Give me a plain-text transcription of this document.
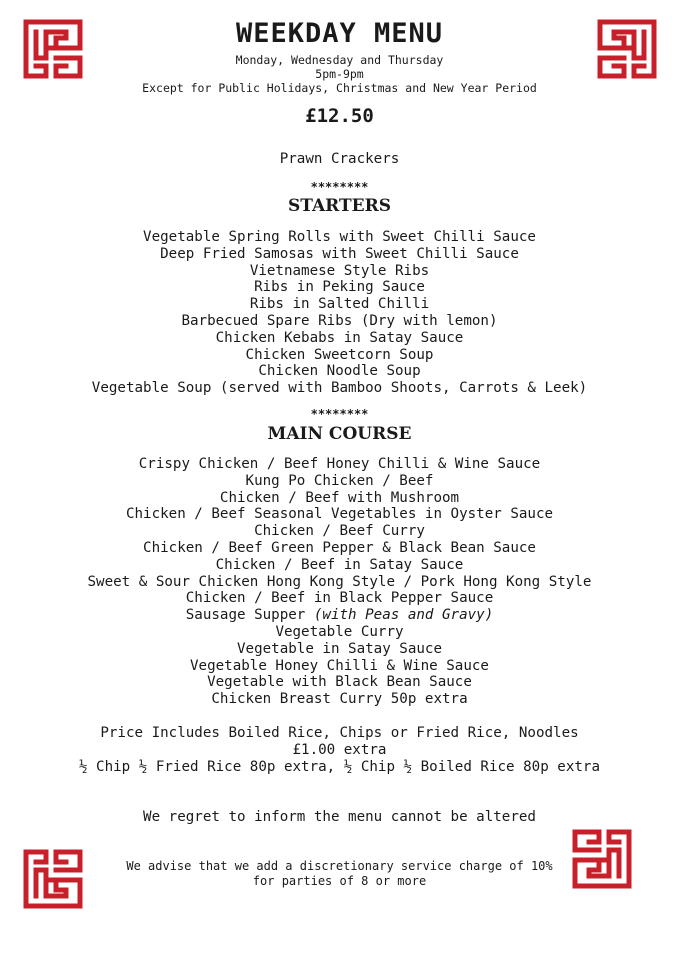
WEEKDAY MENU
Monday, Wednesday and Thursday
5pm-9pm
Except for Public Holidays, Christmas and New Year Period
£12.50
Prawn Crackers
********
STARTERS
Vegetable Spring Rolls with Sweet Chilli Sauce
Deep Fried Samosas with Sweet Chilli Sauce
Vietnamese Style Ribs
Ribs in Peking Sauce
Ribs in Salted Chilli
Barbecued Spare Ribs (Dry with lemon)
Chicken Kebabs in Satay Sauce
Chicken Sweetcorn Soup
Chicken Noodle Soup
Vegetable Soup (served with Bamboo Shoots, Carrots & Leek)
********
MAIN COURSE
Crispy Chicken / Beef Honey Chilli & Wine Sauce
Kung Po Chicken / Beef
Chicken / Beef with Mushroom
Chicken / Beef Seasonal Vegetables in Oyster Sauce
Chicken / Beef Curry
Chicken / Beef Green Pepper & Black Bean Sauce
Chicken / Beef in Satay Sauce
Sweet & Sour Chicken Hong Kong Style / Pork Hong Kong Style
Chicken / Beef in Black Pepper Sauce
Sausage Supper (with Peas and Gravy)
Vegetable Curry
Vegetable in Satay Sauce
Vegetable Honey Chilli & Wine Sauce
Vegetable with Black Bean Sauce
Chicken Breast Curry 50p extra
Price Includes Boiled Rice, Chips or Fried Rice, Noodles
£1.00 extra
½ Chip ½ Fried Rice 80p extra, ½ Chip ½ Boiled Rice 80p extra
We regret to inform the menu cannot be altered
We advise that we add a discretionary service charge of 10%
for parties of 8 or more
